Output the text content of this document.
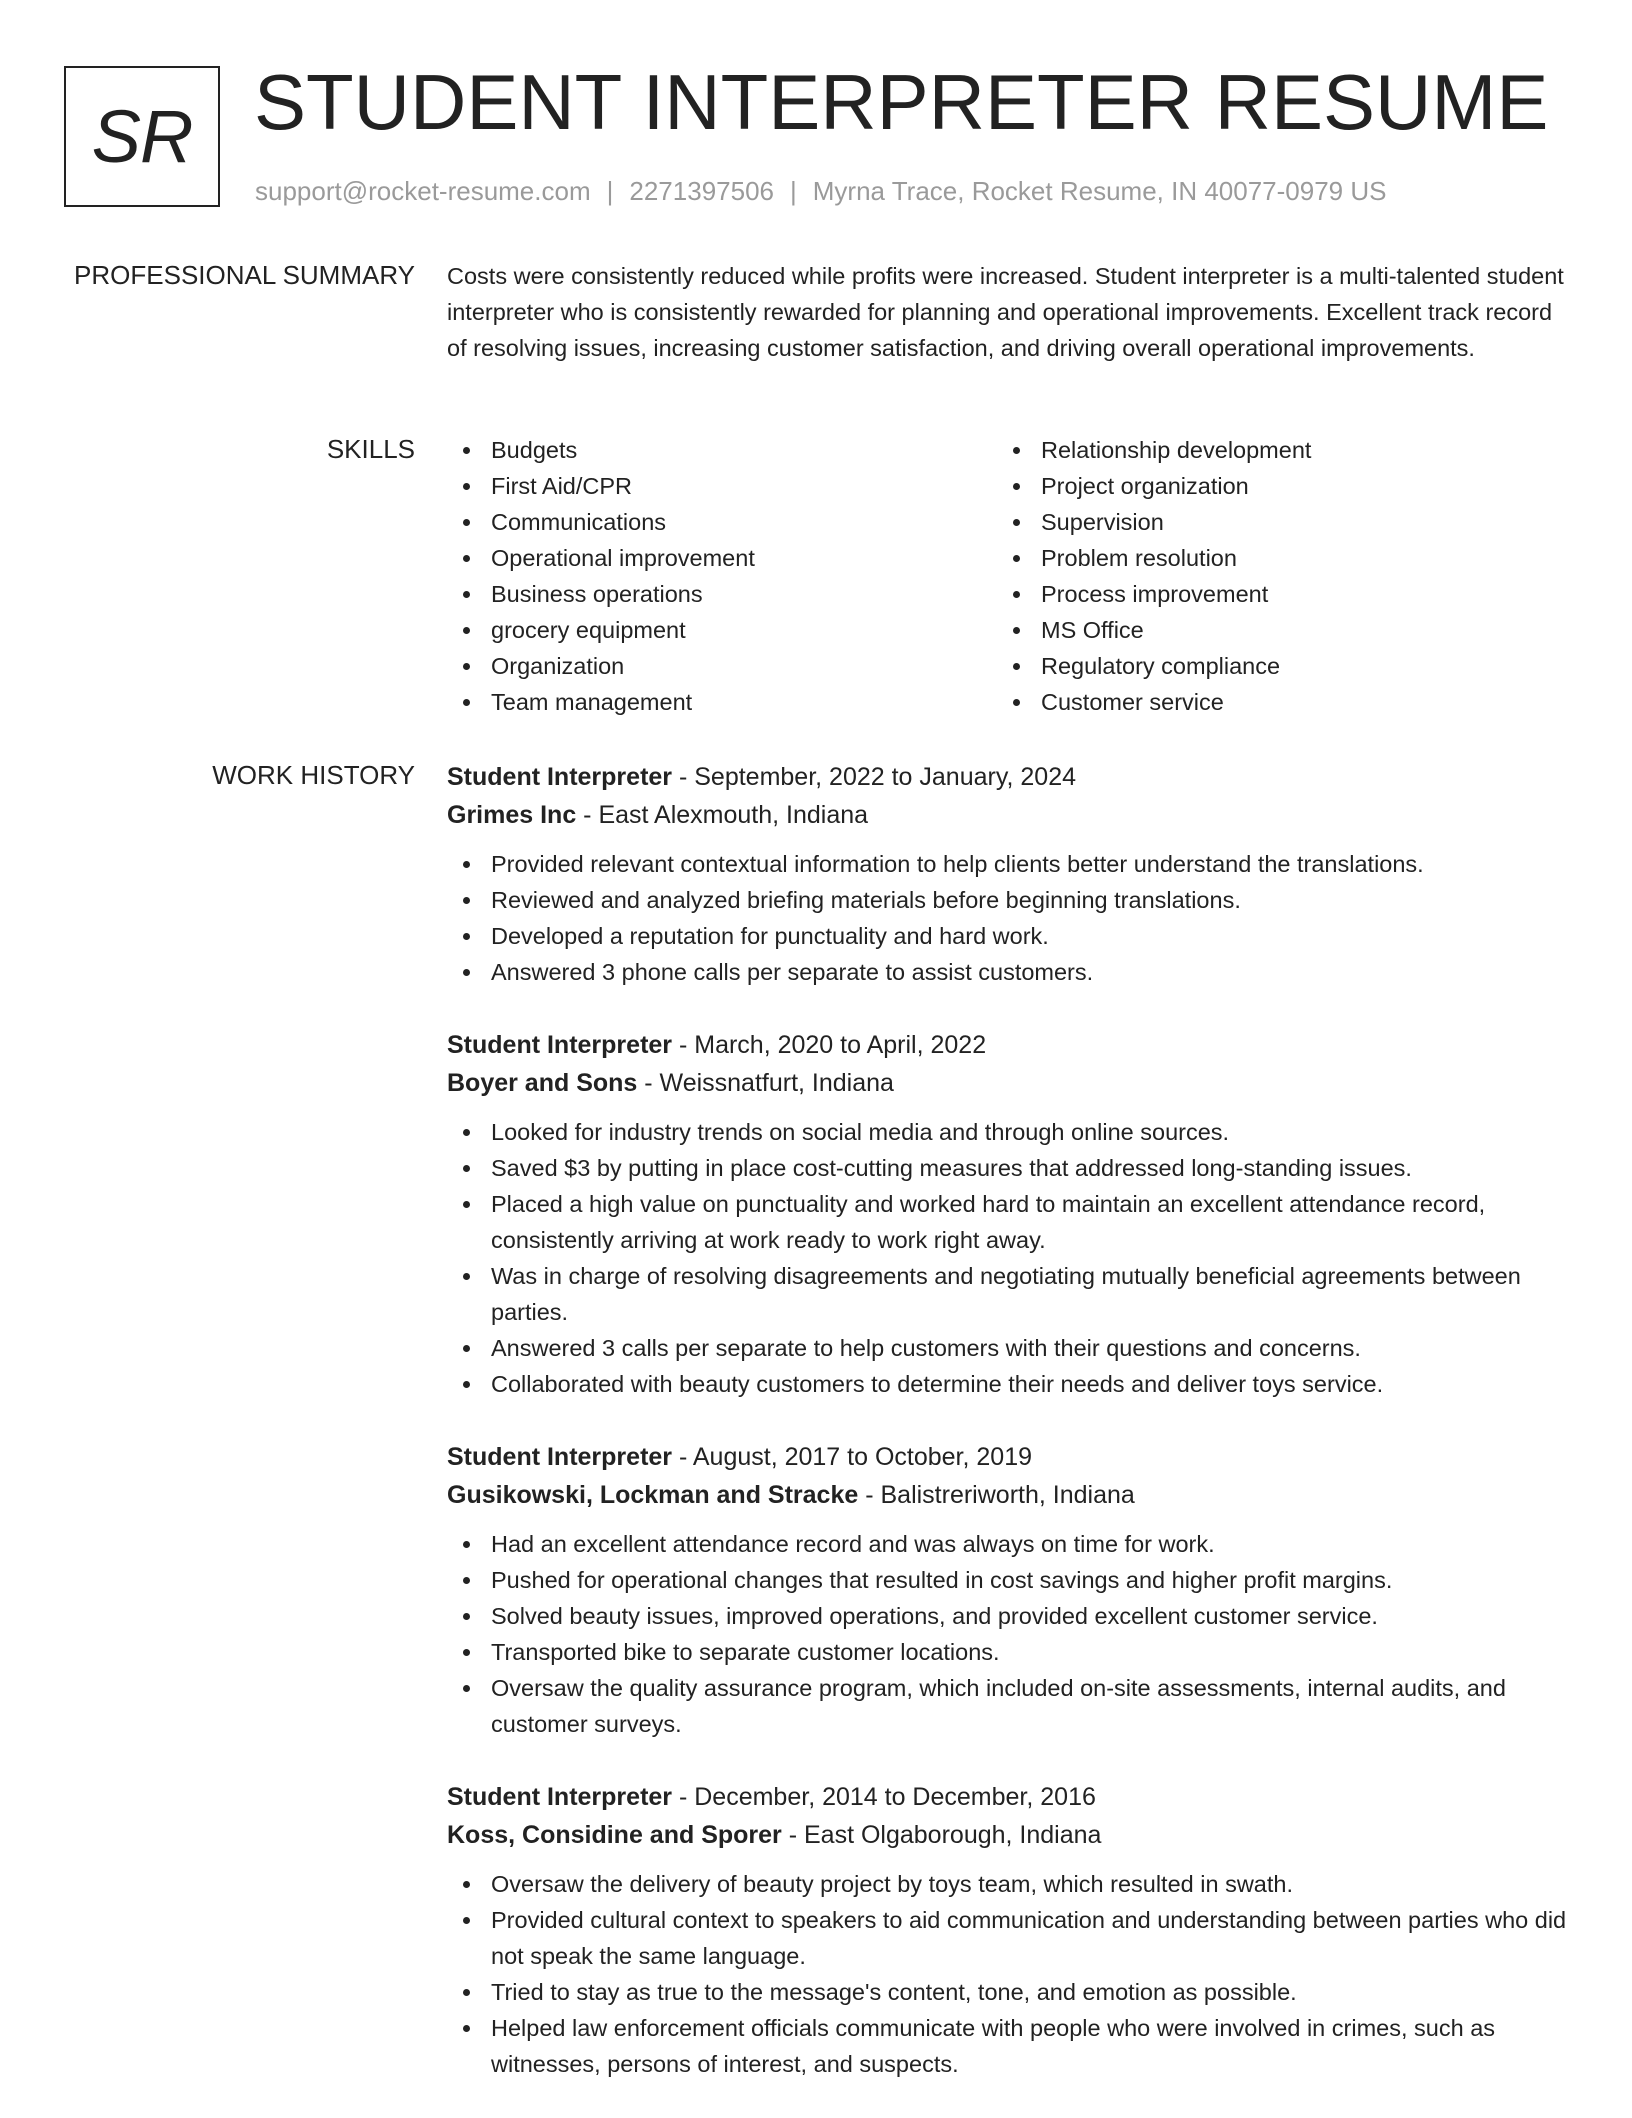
SR STUDENT INTERPRETER RESUME
support@rocket-resume.com | 2271397506 | Myrna Trace, Rocket Resume, IN 40077-0979 US
PROFESSIONAL SUMMARY Costs were consistently reduced while profits were increased. Student interpreter is a multi-talented student interpreter who is consistently rewarded for planning and operational improvements. Excellent track record of resolving issues, increasing customer satisfaction, and driving overall operational improvements.

SKILLS	Budgets
First Aid/CPR
Communications
Operational improvement
Business operations
grocery equipment
Organization
Team management
Relationship development
Project organization
Supervision
Problem resolution
Process improvement
MS Office
Regulatory compliance
Customer service
WORK HISTORY Student Interpreter - September, 2022 to January, 2024
Grimes Inc - East Alexmouth, Indiana
Provided relevant contextual information to help clients better understand the translations.
Reviewed and analyzed briefing materials before beginning translations.
Developed a reputation for punctuality and hard work.
Answered 3 phone calls per separate to assist customers.
Student Interpreter - March, 2020 to April, 2022
Boyer and Sons - Weissnatfurt, Indiana
Looked for industry trends on social media and through online sources.
Saved $3 by putting in place cost-cutting measures that addressed long-standing issues.
Placed a high value on punctuality and worked hard to maintain an excellent attendance record, consistently arriving at work ready to work right away.
Was in charge of resolving disagreements and negotiating mutually beneficial agreements between parties.
Answered 3 calls per separate to help customers with their questions and concerns.
Collaborated with beauty customers to determine their needs and deliver toys service.
Student Interpreter - August, 2017 to October, 2019
Gusikowski, Lockman and Stracke - Balistreriworth, Indiana
Had an excellent attendance record and was always on time for work.
Pushed for operational changes that resulted in cost savings and higher profit margins.
Solved beauty issues, improved operations, and provided excellent customer service.
Transported bike to separate customer locations.
Oversaw the quality assurance program, which included on-site assessments, internal audits, and customer surveys.
Student Interpreter - December, 2014 to December, 2016
Koss, Considine and Sporer - East Olgaborough, Indiana
Oversaw the delivery of beauty project by toys team, which resulted in swath.
Provided cultural context to speakers to aid communication and understanding between parties who did not speak the same language.
Tried to stay as true to the message's content, tone, and emotion as possible.
Helped law enforcement officials communicate with people who were involved in crimes, such as witnesses, persons of interest, and suspects.
